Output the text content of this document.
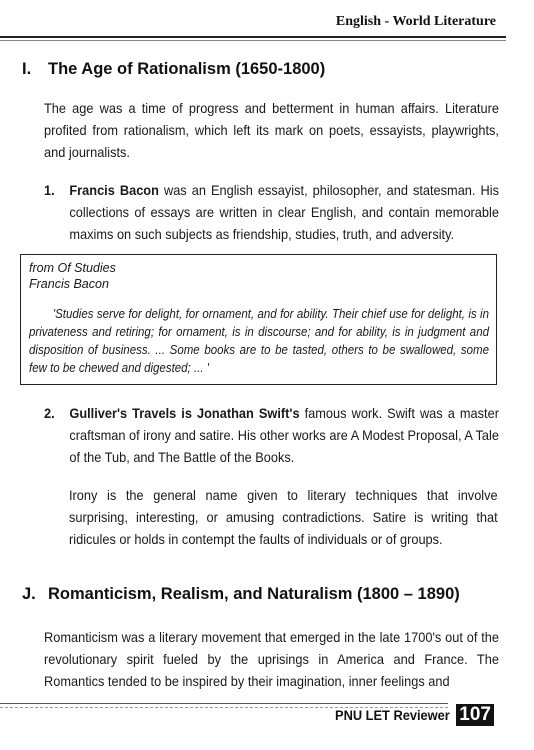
English - World Literature
I. The Age of Rationalism (1650-1800)
The age was a time of progress and betterment in human affairs. Literature profited from rationalism, which left its mark on poets, essayists, playwrights, and journalists.
1. Francis Bacon was an English essayist, philosopher, and statesman. His collections of essays are written in clear English, and contain memorable maxims on such subjects as friendship, studies, truth, and adversity.
from Of Studies
Francis Bacon
'Studies serve for delight, for ornament, and for ability. Their chief use for delight, is in privateness and retiring; for ornament, is in discourse; and for ability, is in judgment and disposition of business. ... Some books are to be tasted, others to be swallowed, some few to be chewed and digested; ... '
2. Gulliver's Travels is Jonathan Swift's famous work. Swift was a master craftsman of irony and satire. His other works are A Modest Proposal, A Tale of the Tub, and The Battle of the Books.
Irony is the general name given to literary techniques that involve surprising, interesting, or amusing contradictions. Satire is writing that ridicules or holds in contempt the faults of individuals or of groups.
J. Romanticism, Realism, and Naturalism (1800 – 1890)
Romanticism was a literary movement that emerged in the late 1700's out of the revolutionary spirit fueled by the uprisings in America and France. The Romantics tended to be inspired by their imagination, inner feelings and
PNU LET Reviewer 107
